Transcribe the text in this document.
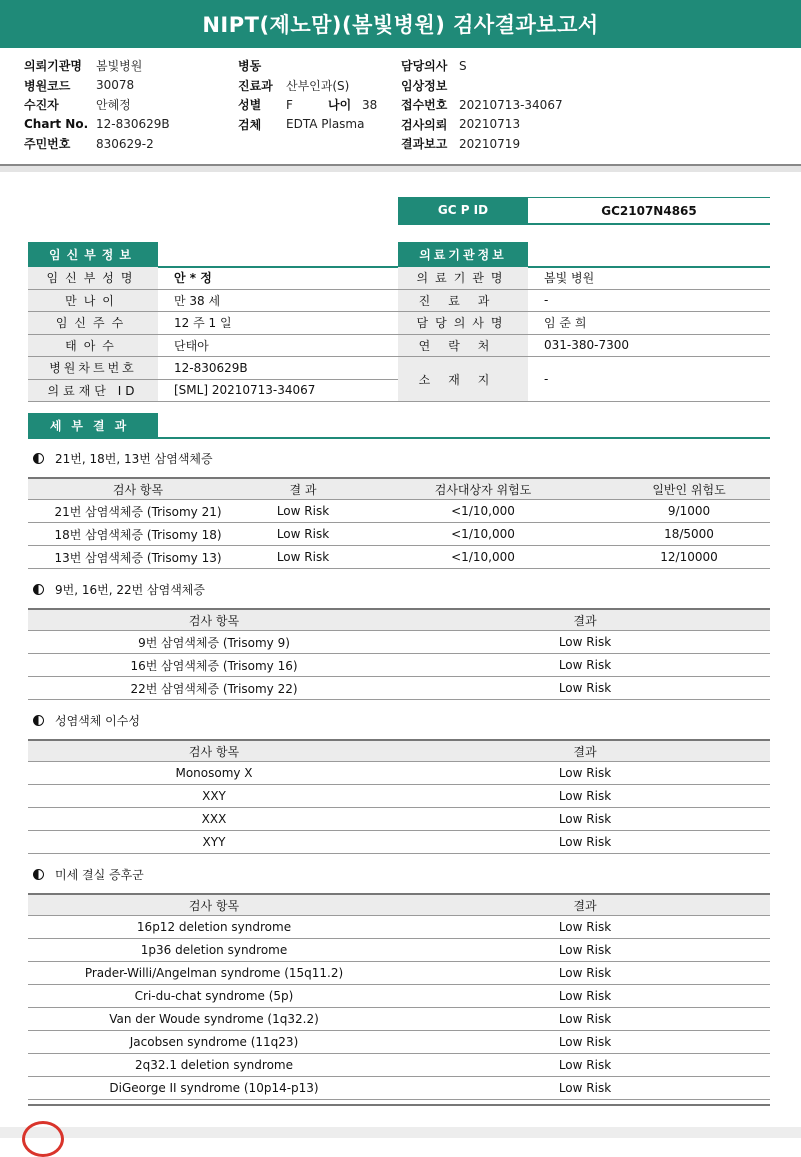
NIPT(제노맘)(봄빛병원) 검사결과보고서
의뢰기관명	봄빛병원
병원코드	30078
수진자	안혜정
Chart No. 12-830629B
주민번호	830629-2
병동
진료과	산부인과(S)
성별	F	나이 38
검체	EDTA Plasma
담당의사 S
임상정보
접수번호 20210713-34067
검사의뢰 20210713
결과보고 20210719
GC P ID	GC2107N4865
임신부정보
임신부성명	안 * 정
만나이	만 38 세
임신주수	12 주 1 일
태아수	단태아
병원차트번호	12-830629B
의료재단 ID	[SML] 20210713-34067
의료기관정보
의료기관명	봄빛 병원
진료과	-
담당의사명	임 준 희
연락처	031-380-7300
소재지	-
세부결과
21번, 18번, 13번 삼염색체증
검사 항목	결 과	검사대상자 위험도	일반인 위험도
21번 삼염색체증 (Trisomy 21)	Low Risk	<1/10,000	9/1000
18번 삼염색체증 (Trisomy 18)	Low Risk	<1/10,000	18/5000
13번 삼염색체증 (Trisomy 13)	Low Risk	<1/10,000	12/10000
9번, 16번, 22번 삼염색체증
검사 항목	결과
9번 삼염색체증 (Trisomy 9)	Low Risk
16번 삼염색체증 (Trisomy 16)	Low Risk
22번 삼염색체증 (Trisomy 22)	Low Risk
성염색체 이수성
검사 항목	결과
Monosomy X	Low Risk
XXY	Low Risk
XXX	Low Risk
XYY	Low Risk
미세 결실 증후군
검사 항목	결과
16p12 deletion syndrome	Low Risk
1p36 deletion syndrome	Low Risk
Prader-Willi/Angelman syndrome (15q11.2)	Low Risk
Cri-du-chat syndrome (5p)	Low Risk
Van der Woude syndrome (1q32.2)	Low Risk
Jacobsen syndrome (11q23)	Low Risk
2q32.1 deletion syndrome	Low Risk
DiGeorge II syndrome (10p14-p13)	Low Risk
